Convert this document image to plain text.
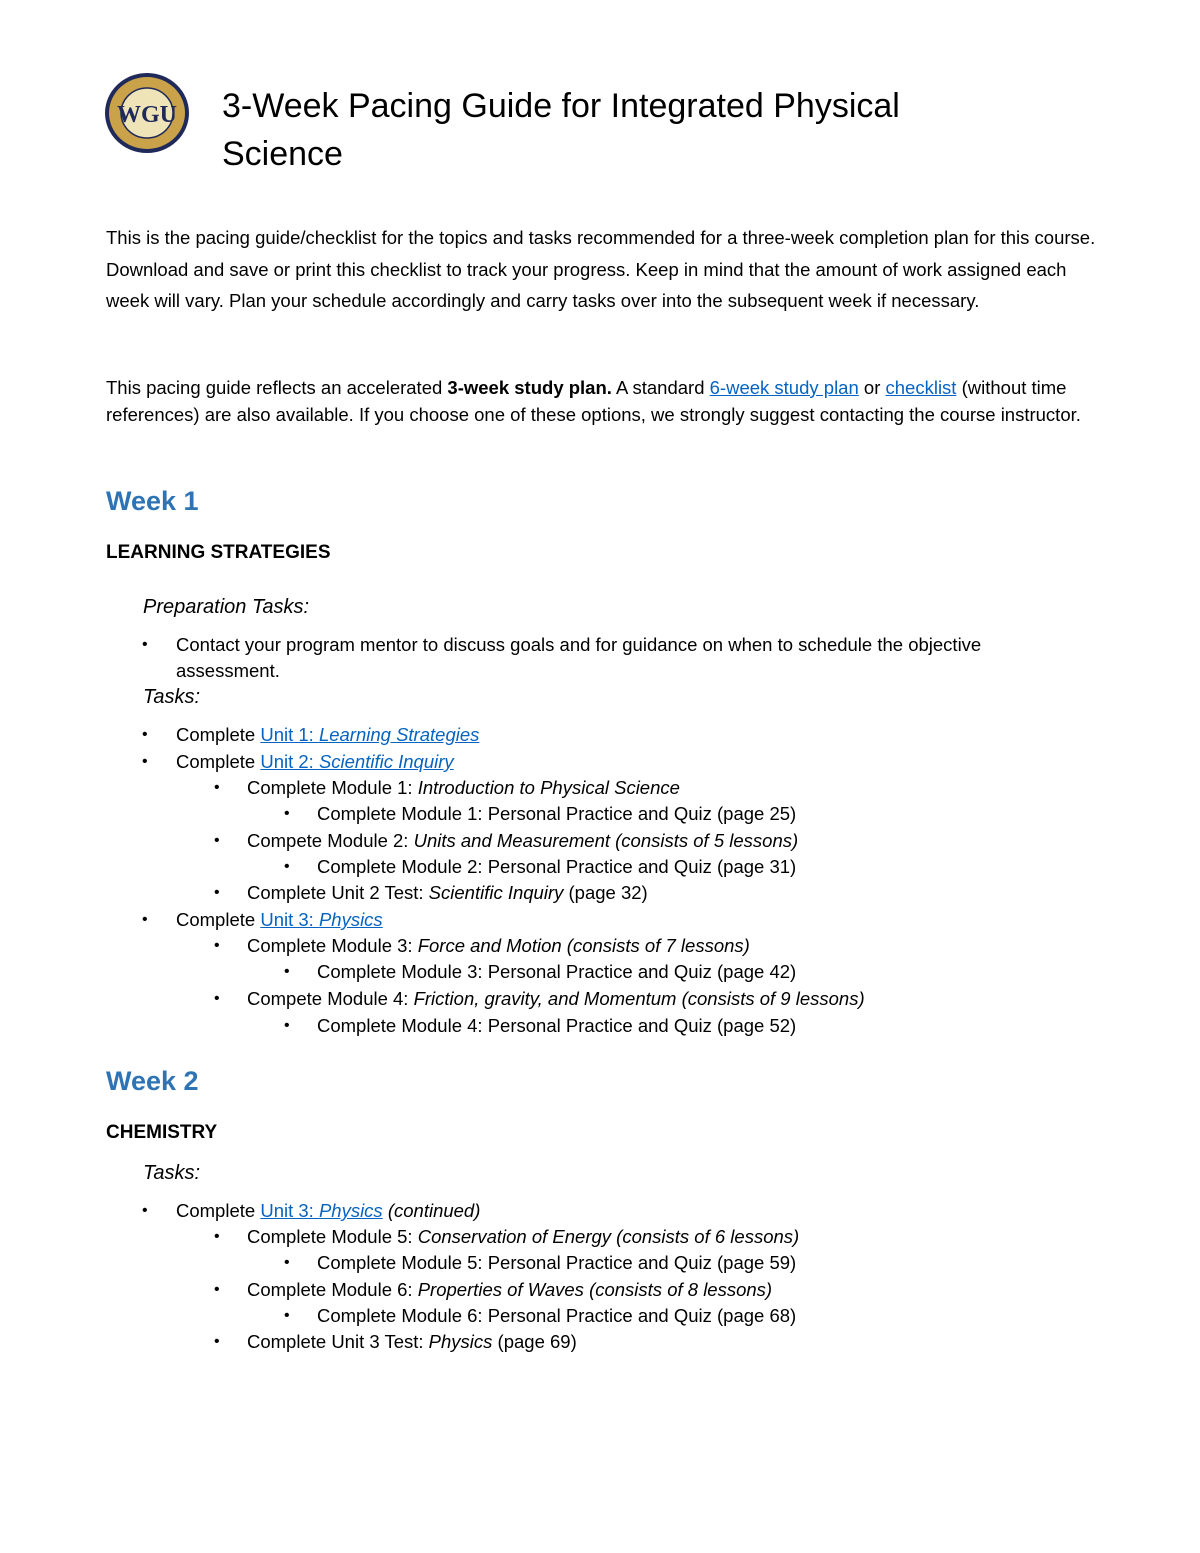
WGU 3-Week Pacing Guide for Integrated Physical
Science
This is the pacing guide/checklist for the topics and tasks recommended for a three-week completion plan for this course. Download and save or print this checklist to track your progress. Keep in mind that the amount of work assigned each week will vary. Plan your schedule accordingly and carry tasks over into the subsequent week if necessary.
This pacing guide reflects an accelerated 3-week study plan. A standard 6-week study plan or checklist (without time references) are also available. If you choose one of these options, we strongly suggest contacting the course instructor.
Week 1
LEARNING STRATEGIES
Preparation Tasks:
•	Contact your program mentor to discuss goals and for guidance on when to schedule the objective assessment.
Tasks:
•	Complete Unit 1: Learning Strategies
•	Complete Unit 2: Scientific Inquiry
•	Complete Module 1: Introduction to Physical Science
•	Complete Module 1: Personal Practice and Quiz (page 25)
•	Compete Module 2: Units and Measurement (consists of 5 lessons)
•	Complete Module 2: Personal Practice and Quiz (page 31)
•	Complete Unit 2 Test: Scientific Inquiry (page 32)
•	Complete Unit 3: Physics
•	Complete Module 3: Force and Motion (consists of 7 lessons)
•	Complete Module 3: Personal Practice and Quiz (page 42)
•	Compete Module 4: Friction, gravity, and Momentum (consists of 9 lessons)
•	Complete Module 4: Personal Practice and Quiz (page 52)
Week 2
CHEMISTRY
Tasks:
•	Complete Unit 3: Physics (continued)
•	Complete Module 5: Conservation of Energy (consists of 6 lessons)
•	Complete Module 5: Personal Practice and Quiz (page 59)
•	Complete Module 6: Properties of Waves (consists of 8 lessons)
•	Complete Module 6: Personal Practice and Quiz (page 68)
•	Complete Unit 3 Test: Physics (page 69)
